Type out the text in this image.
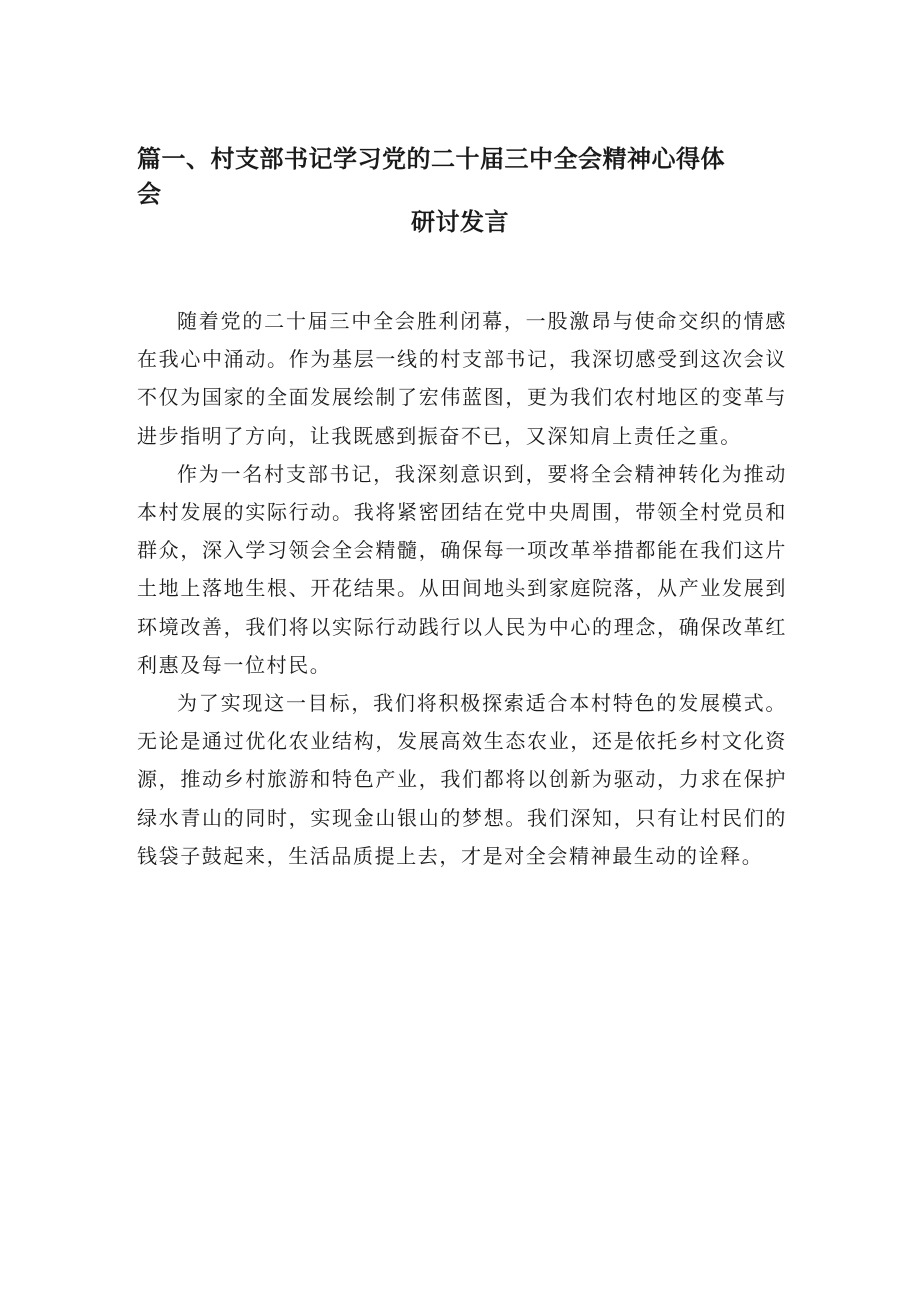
篇一、村支部书记学习党的二十届三中全会精神心得体会
研讨发言

随着党的二十届三中全会胜利闭幕，一股激昂与使命交织的情感在我心中涌动。作为基层一线的村支部书记，我深切感受到这次会议不仅为国家的全面发展绘制了宏伟蓝图，更为我们农村地区的变革与进步指明了方向，让我既感到振奋不已，又深知肩上责任之重。

作为一名村支部书记，我深刻意识到，要将全会精神转化为推动本村发展的实际行动。我将紧密团结在党中央周围，带领全村党员和群众，深入学习领会全会精髓，确保每一项改革举措都能在我们这片土地上落地生根、开花结果。从田间地头到家庭院落，从产业发展到环境改善，我们将以实际行动践行以人民为中心的理念，确保改革红利惠及每一位村民。

为了实现这一目标，我们将积极探索适合本村特色的发展模式。无论是通过优化农业结构，发展高效生态农业，还是依托乡村文化资源，推动乡村旅游和特色产业，我们都将以创新为驱动，力求在保护绿水青山的同时，实现金山银山的梦想。我们深知，只有让村民们的钱袋子鼓起来，生活品质提上去，才是对全会精神最生动的诠释。
